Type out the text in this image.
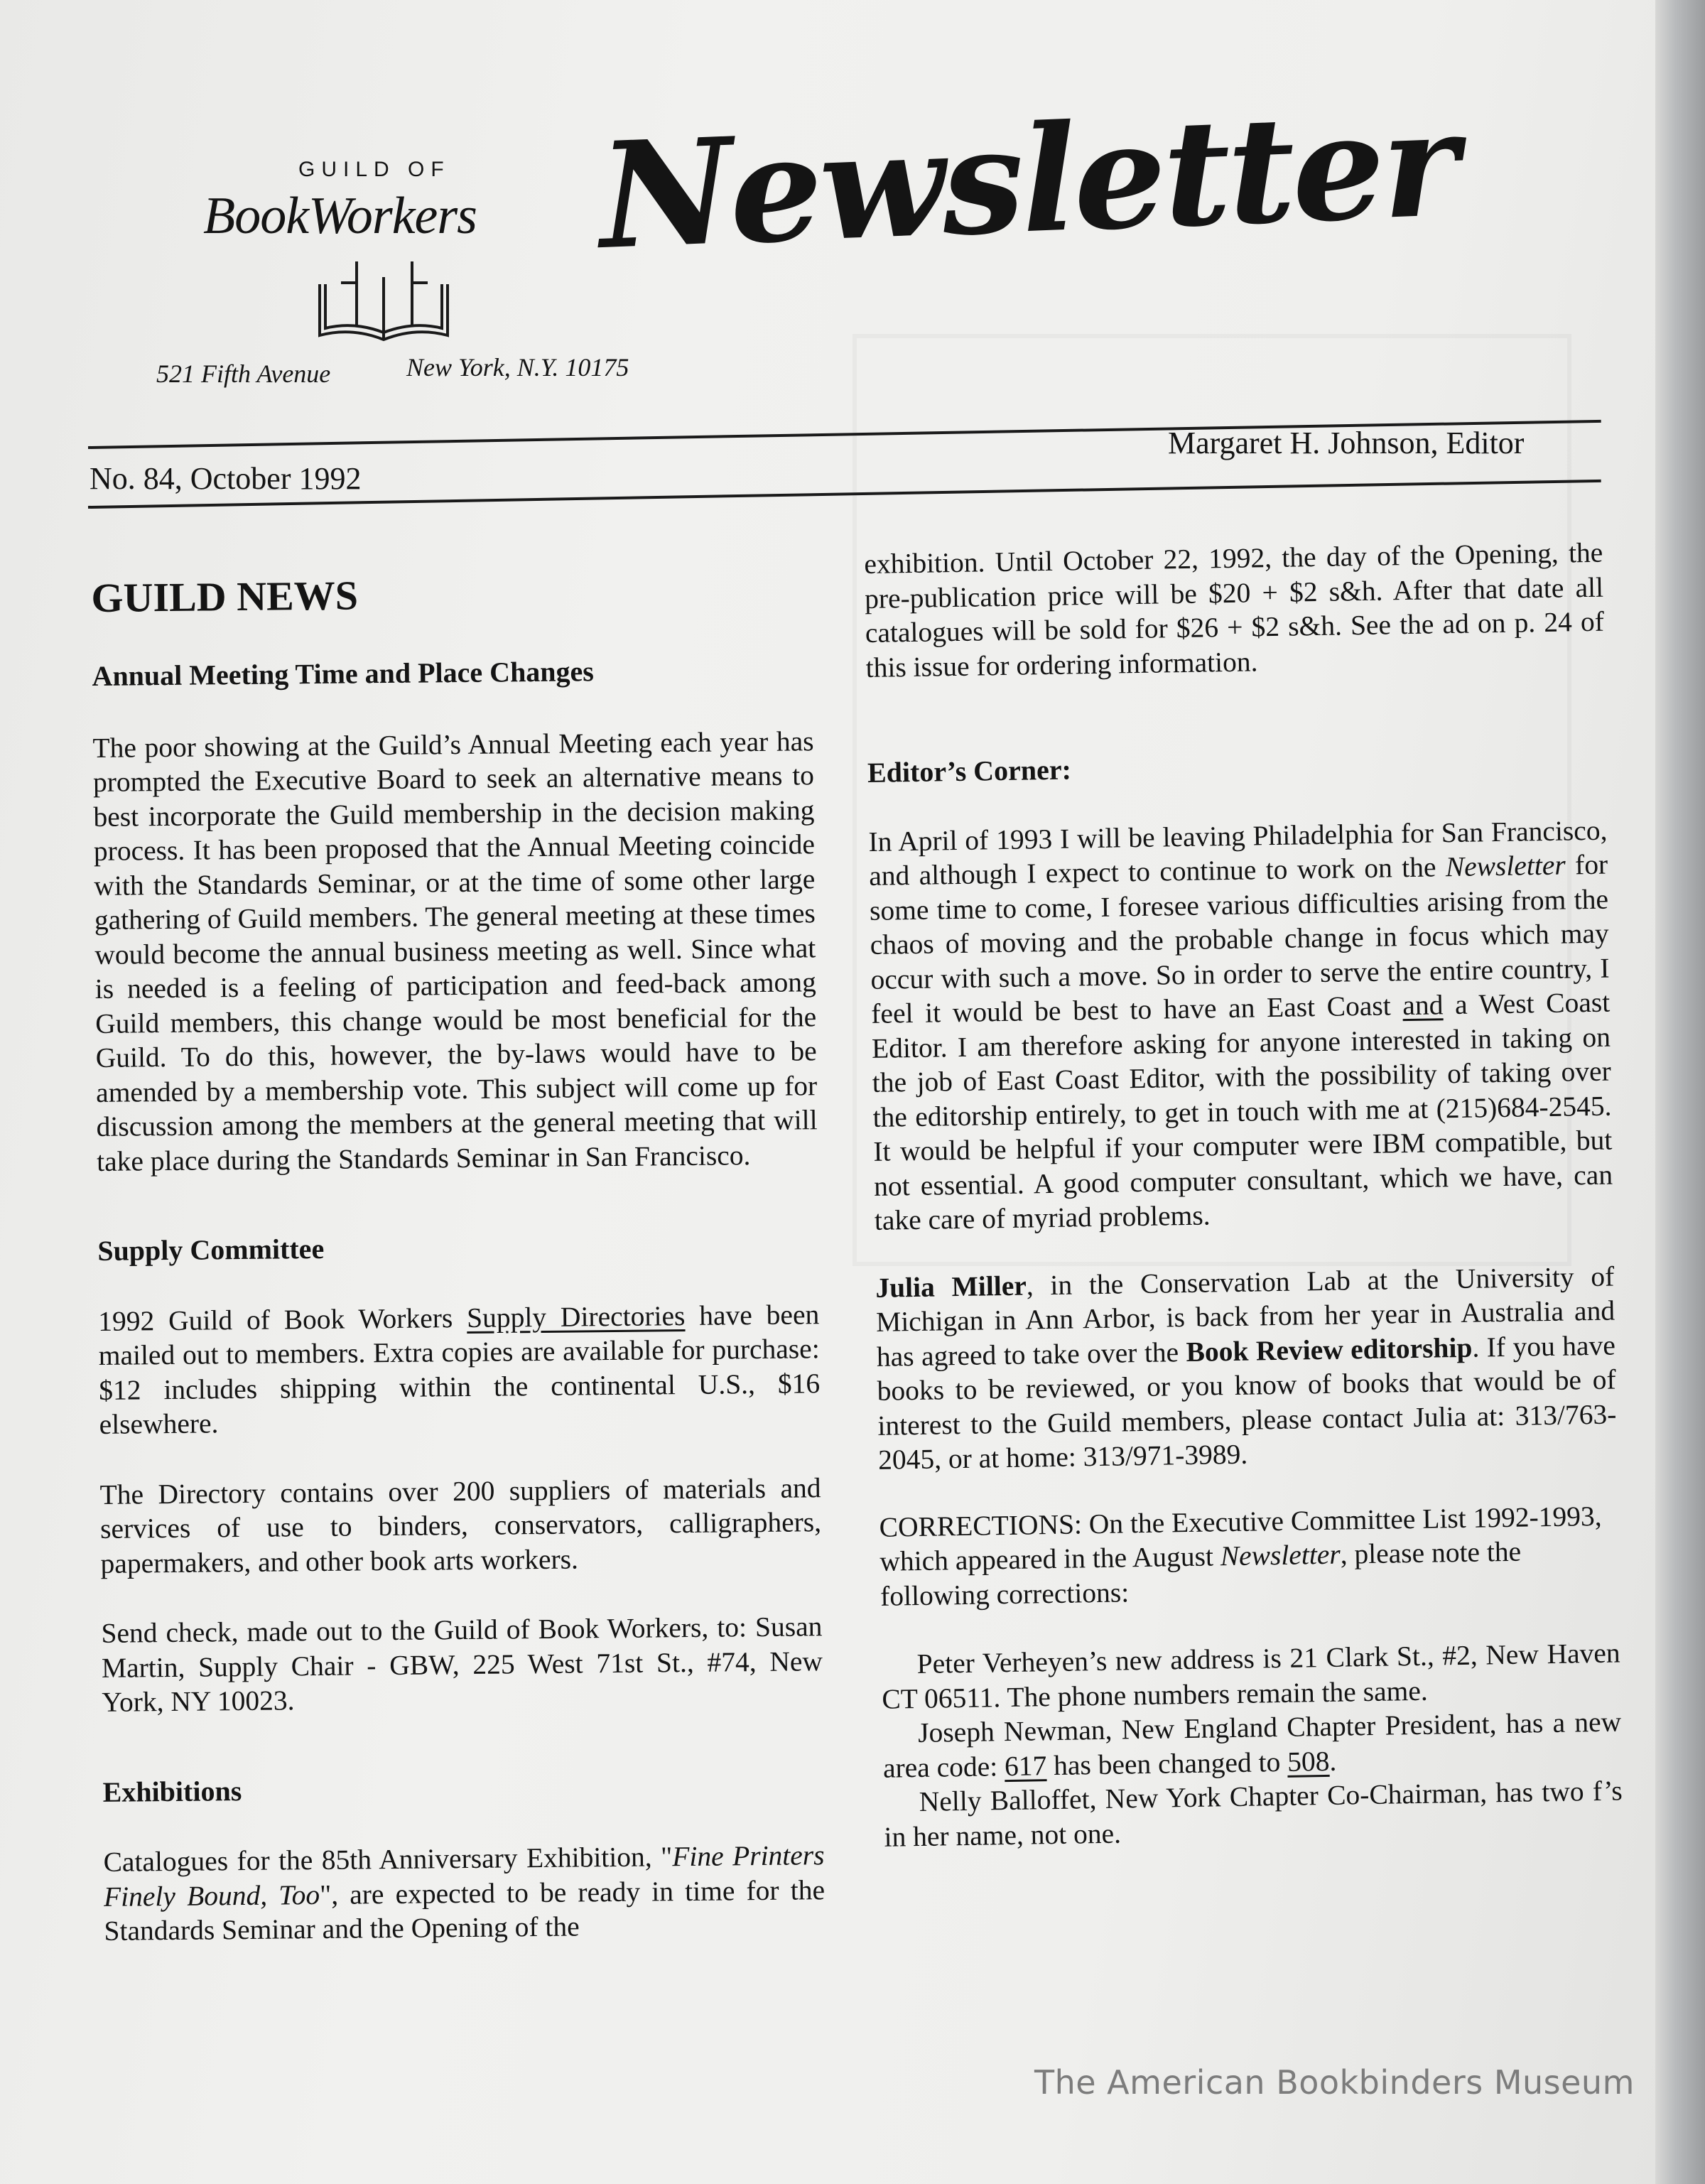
GUILD OF
BookWorkers
521 Fifth Avenue	New York, N.Y. 10175
Newsletter
No. 84, October 1992
Margaret H. Johnson, Editor

GUILD NEWS

Annual Meeting Time and Place Changes

The poor showing at the Guild’s Annual Meeting each year has prompted the Executive Board to seek an alternative means to best incorporate the Guild membership in the decision making process. It has been proposed that the Annual Meeting coincide with the Standards Seminar, or at the time of some other large gathering of Guild members. The general meeting at these times would become the annual business meeting as well. Since what is needed is a feeling of participation and feed-back among Guild members, this change would be most beneficial for the Guild. To do this, however, the by-laws would have to be amended by a membership vote. This subject will come up for discussion among the members at the general meeting that will take place during the Standards Seminar in San Francisco.

Supply Committee

1992 Guild of Book Workers Supply Directories have been mailed out to members. Extra copies are available for purchase: $12 includes shipping within the continental U.S., $16 elsewhere.

The Directory contains over 200 suppliers of materials and services of use to binders, conservators, calligraphers, papermakers, and other book arts workers.

Send check, made out to the Guild of Book Workers, to: Susan Martin, Supply Chair - GBW, 225 West 71st St., #74, New York, NY 10023.

Exhibitions

Catalogues for the 85th Anniversary Exhibition, "Fine Printers Finely Bound, Too", are expected to be ready in time for the Standards Seminar and the Opening of the

exhibition. Until October 22, 1992, the day of the Opening, the pre-publication price will be $20 + $2 s&h. After that date all catalogues will be sold for $26 + $2 s&h. See the ad on p. 24 of this issue for ordering information.

Editor’s Corner:

In April of 1993 I will be leaving Philadelphia for San Francisco, and although I expect to continue to work on the Newsletter for some time to come, I foresee various difficulties arising from the chaos of moving and the probable change in focus which may occur with such a move. So in order to serve the entire country, I feel it would be best to have an East Coast and a West Coast Editor. I am therefore asking for anyone interested in taking on the job of East Coast Editor, with the possibility of taking over the editorship entirely, to get in touch with me at (215)684-2545. It would be helpful if your computer were IBM compatible, but not essential. A good computer consultant, which we have, can take care of myriad problems.

Julia Miller, in the Conservation Lab at the University of Michigan in Ann Arbor, is back from her year in Australia and has agreed to take over the Book Review editorship. If you have books to be reviewed, or you know of books that would be of interest to the Guild members, please contact Julia at: 313/763-2045, or at home: 313/971-3989.

CORRECTIONS: On the Executive Committee List 1992-1993, which appeared in the August Newsletter, please note the following corrections:

Peter Verheyen’s new address is 21 Clark St., #2, New Haven CT 06511. The phone numbers remain the same.

Joseph Newman, New England Chapter President, has a new area code: 617 has been changed to 508.

Nelly Balloffet, New York Chapter Co-Chairman, has two f’s in her name, not one.

The American Bookbinders Museum
